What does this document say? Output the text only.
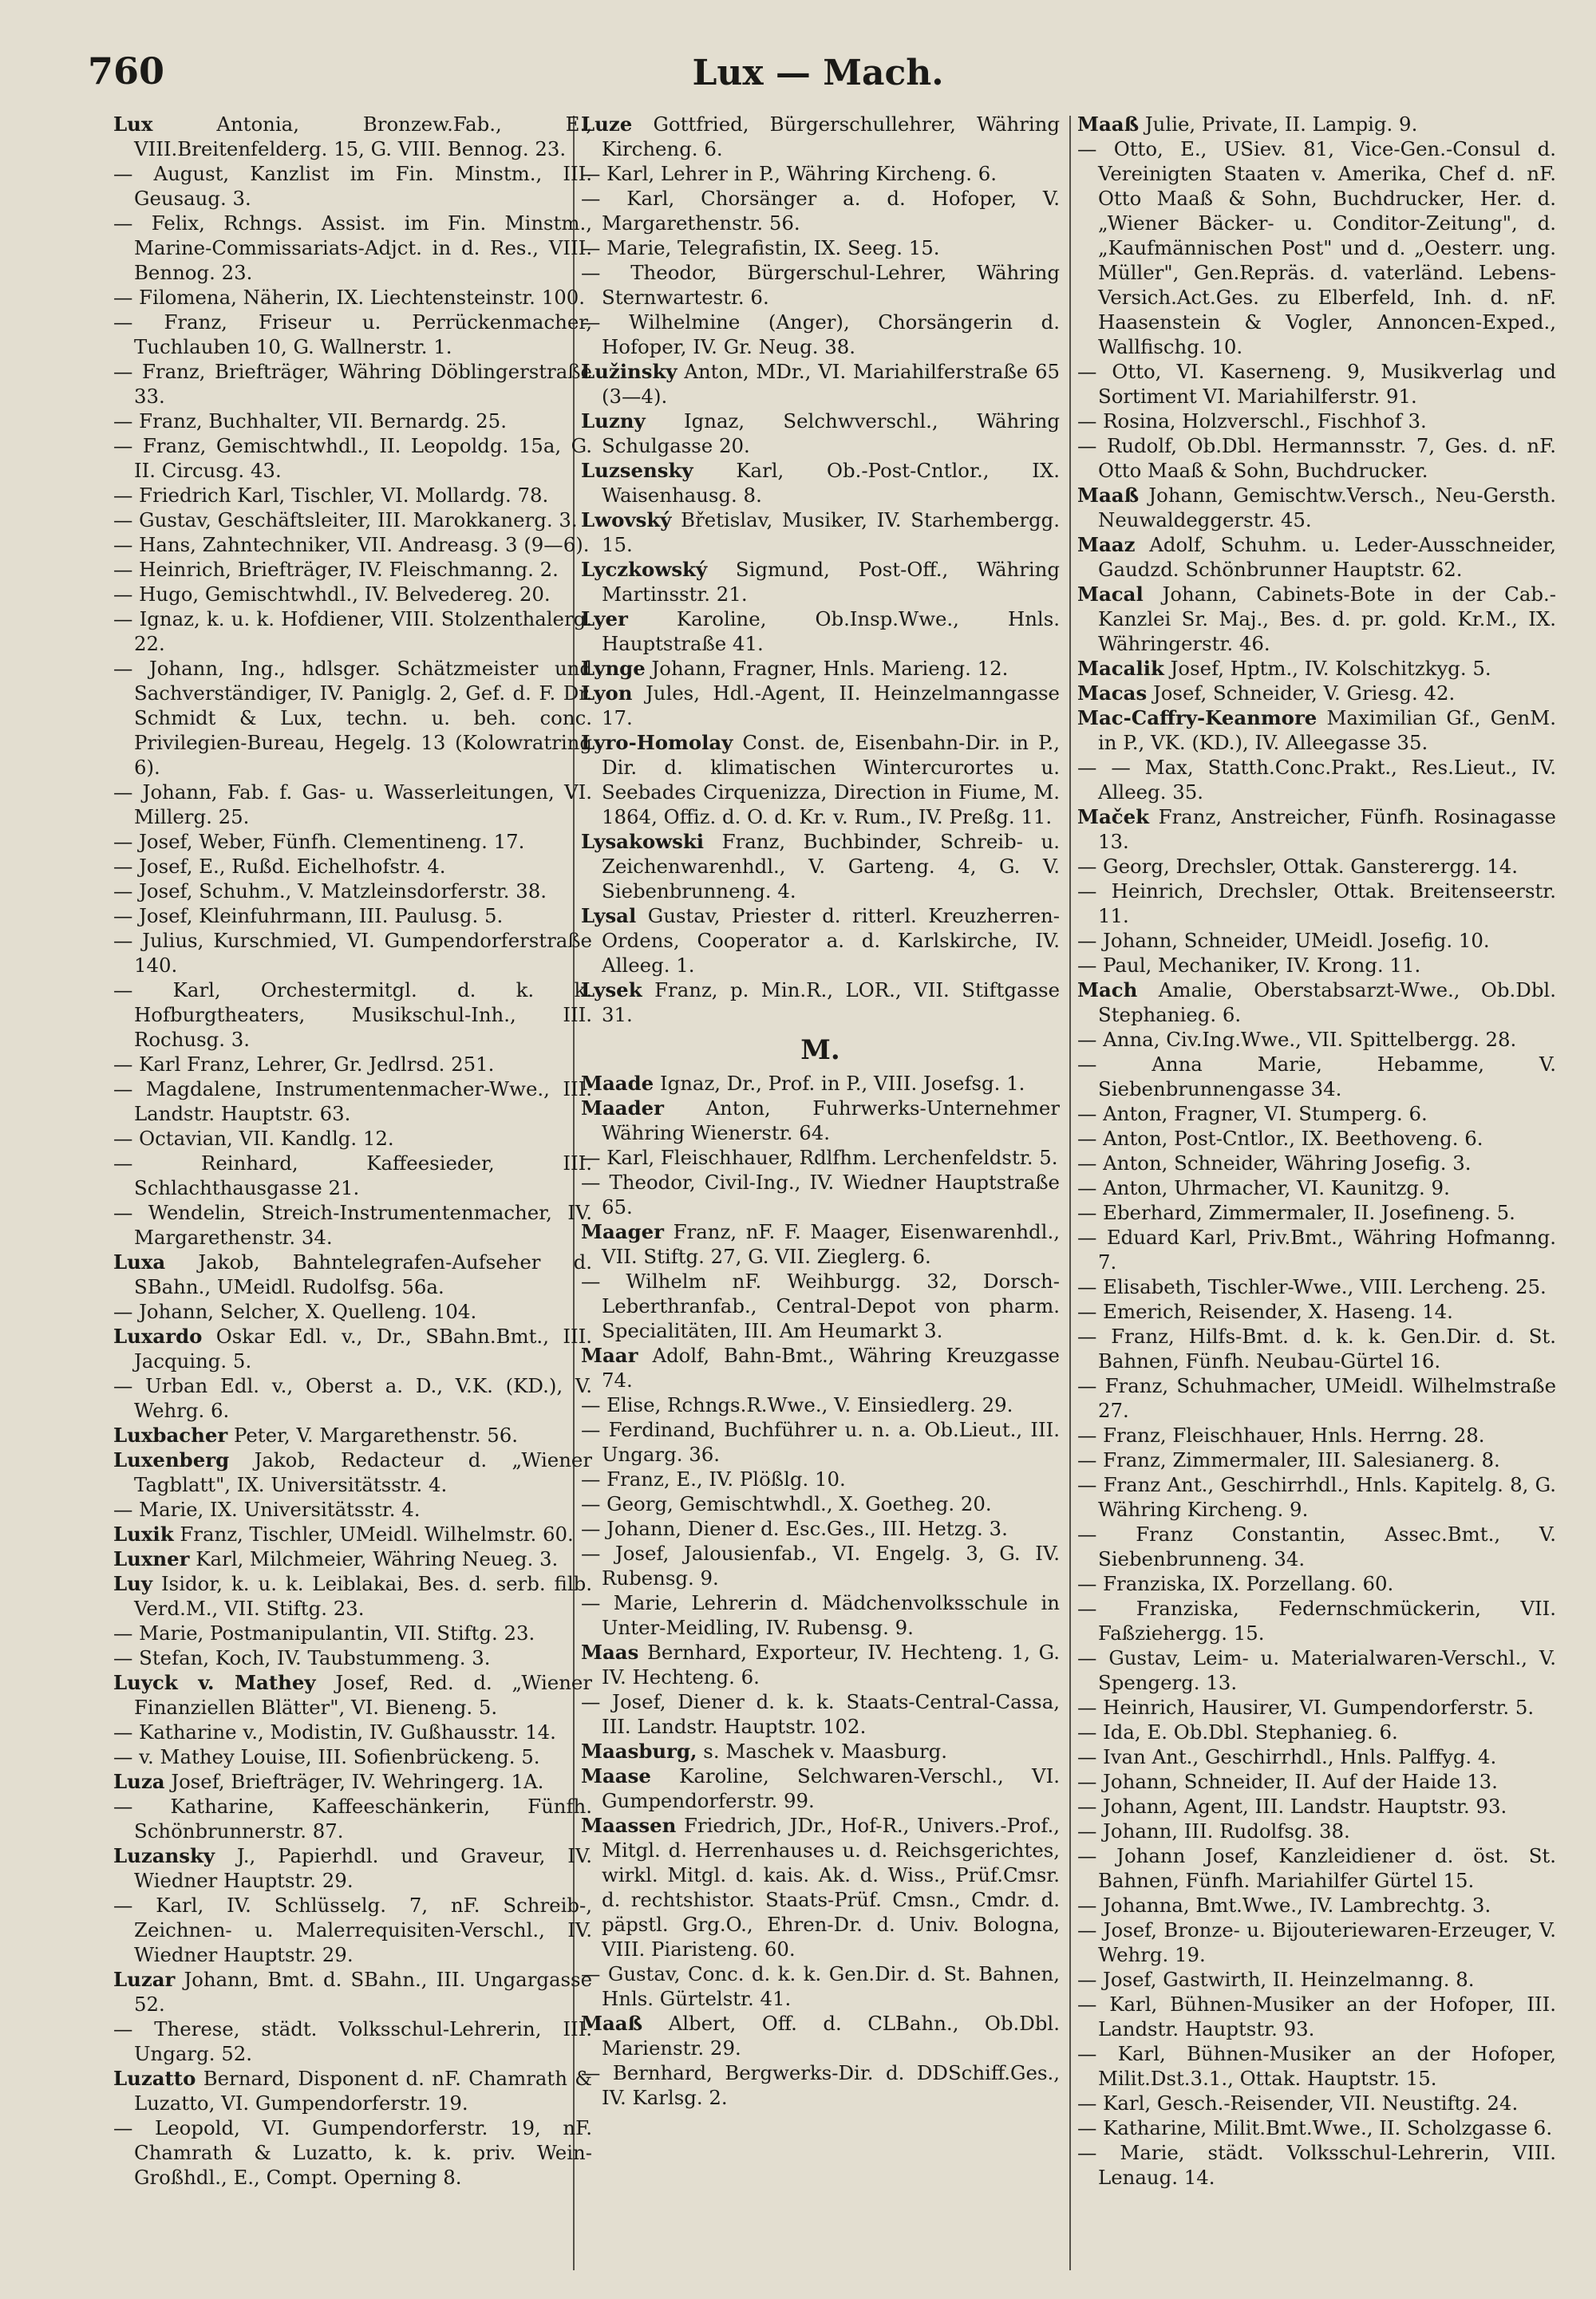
760	Lux — Mach.

Lux	Antonia, Bronzew.Fab., E., VIII.Breitenfelderg. 15, G. VIII. Bennog. 23.

— August, Kanzlist im Fin. Minstm., III. Geusaug. 3.

— Felix, Rchngs. Assist. im Fin. Minstm., Marine-Commissariats-Adjct. in d. Res., VIII. Bennog. 23.

— Filomena, Näherin, IX. Liechtensteinstr. 100.

— Franz, Friseur u. Perrückenmacher, Tuchlauben 10, G. Wallnerstr. 1.

— Franz, Briefträger, Währing Döblingerstraße 33.

— Franz, Buchhalter, VII. Bernardg. 25.

— Franz, Gemischtwhdl., II. Leopoldg. 15a, G. II. Circusg. 43.

— Friedrich Karl, Tischler, VI. Mollardg. 78.

— Gustav, Geschäftsleiter, III. Marokkanerg. 3.

— Hans, Zahntechniker, VII. Andreasg. 3 (9—6).

— Heinrich, Briefträger, IV. Fleischmanng. 2.

— Hugo, Gemischtwhdl., IV. Belvedereg. 20.

— Ignaz, k. u. k. Hofdiener, VIII. Stolzenthalerg. 22.

— Johann, Ing., hdlsger. Schätzmeister und Sachverständiger, IV. Paniglg. 2, Gef. d. F. Dr. Schmidt & Lux, techn. u. beh. conc. Privilegien-Bureau, Hegelg. 13 (Kolowratring 6).

— Johann, Fab. f. Gas- u. Wasserleitungen, VI. Millerg. 25.

— Josef, Weber, Fünfh. Clementineng. 17.

— Josef, E., Rußd. Eichelhofstr. 4.

— Josef, Schuhm., V. Matzleinsdorferstr. 38.

— Josef, Kleinfuhrmann, III. Paulusg. 5.

— Julius, Kurschmied, VI. Gumpendorferstraße 140.

— Karl, Orchestermitgl. d. k. k. Hofburgtheaters, Musikschul-Inh., III. Rochusg. 3.

— Karl Franz, Lehrer, Gr. Jedlrsd. 251.

— Magdalene, Instrumentenmacher-Wwe., III. Landstr. Hauptstr. 63.

— Octavian, VII. Kandlg. 12.

— Reinhard, Kaffeesieder, III. Schlachthausgasse 21.

— Wendelin, Streich-Instrumentenmacher, IV. Margarethenstr. 34.

Luxa Jakob, Bahntelegrafen-Aufseher d. SBahn., UMeidl. Rudolfsg. 56a.

— Johann, Selcher, X. Quelleng. 104.

Luxardo Oskar Edl. v., Dr., SBahn.Bmt., III. Jacquing. 5.

— Urban Edl. v., Oberst a. D., V.K. (KD.), V. Wehrg. 6.

Luxbacher Peter, V. Margarethenstr. 56.

Luxenberg Jakob, Redacteur d. „Wiener Tagblatt", IX. Universitätsstr. 4.

— Marie, IX. Universitätsstr. 4.

Luxik Franz, Tischler, UMeidl. Wilhelmstr. 60.

Luxner Karl, Milchmeier, Währing Neueg. 3.

Luy Isidor, k. u. k. Leiblakai, Bes. d. serb. filb. Verd.M., VII. Stiftg. 23.

— Marie, Postmanipulantin, VII. Stiftg. 23.

— Stefan, Koch, IV. Taubstummeng. 3.

Luyck v. Mathey Josef, Red. d. „Wiener Finanziellen Blätter", VI. Bieneng. 5.

— Katharine v., Modistin, IV. Gußhausstr. 14.

— v. Mathey Louise, III. Sofienbrückeng. 5.

Luza Josef, Briefträger, IV. Wehringerg. 1A.

— Katharine, Kaffeeschänkerin, Fünfh. Schönbrunnerstr. 87.

Luzansky J., Papierhdl. und Graveur, IV. Wiedner Hauptstr. 29.

— Karl, IV. Schlüsselg. 7, nF. Schreib-, Zeichnen- u. Malerrequisiten-Verschl., IV. Wiedner Hauptstr. 29.

Luzar Johann, Bmt. d. SBahn., III. Ungargasse 52.

— Therese, städt. Volksschul-Lehrerin, III. Ungarg. 52.

Luzatto Bernard, Disponent d. nF. Chamrath & Luzatto, VI. Gumpendorferstr. 19.

— Leopold, VI. Gumpendorferstr. 19, nF. Chamrath & Luzatto, k. k. priv. Wein-Großhdl., E., Compt. Operning 8.

Luze Gottfried, Bürgerschullehrer, Währing Kircheng. 6.

— Karl, Lehrer in P., Währing Kircheng. 6.

— Karl, Chorsänger a. d. Hofoper, V. Margarethenstr. 56.

— Marie, Telegrafistin, IX. Seeg. 15.

— Theodor, Bürgerschul-Lehrer, Währing Sternwartestr. 6.

— Wilhelmine (Anger), Chorsängerin d. Hofoper, IV. Gr. Neug. 38.

Lužinsky Anton, MDr., VI. Mariahilferstraße 65 (3—4).

Luzny Ignaz, Selchwverschl., Währing Schulgasse 20.

Luzsensky Karl, Ob.-Post-Cntlor., IX. Waisenhausg. 8.

Lwovský Břetislav, Musiker, IV. Starhembergg. 15.

Lyczkowský Sigmund, Post-Off., Währing Martinsstr. 21.

Lyer	Karoline, Ob.Insp.Wwe., Hnls. Hauptstraße 41.

Lynge Johann, Fragner, Hnls. Marieng. 12.

Lyon Jules, Hdl.-Agent, II. Heinzelmanngasse 17.

Lyro-Homolay Const. de, Eisenbahn-Dir. in P., Dir. d. klimatischen Wintercurortes u. Seebades Cirquenizza, Direction in Fiume, M. 1864, Offiz. d. O. d. Kr. v. Rum., IV. Preßg. 11.

Lysakowski Franz, Buchbinder, Schreib- u. Zeichenwarenhdl., V. Garteng. 4, G. V. Siebenbrunneng. 4.

Lysal Gustav, Priester d. ritterl. Kreuzherren-Ordens, Cooperator a. d. Karlskirche, IV. Alleeg. 1.

Lysek Franz, p. Min.R., LOR., VII. Stiftgasse 31.

M.

Maade Ignaz, Dr., Prof. in P., VIII. Josefsg. 1.

Maader Anton, Fuhrwerks-Unternehmer Währing Wienerstr. 64.

— Karl, Fleischhauer, Rdlfhm. Lerchenfeldstr. 5.

— Theodor, Civil-Ing., IV. Wiedner Hauptstraße 65.

Maager Franz, nF. F. Maager, Eisenwarenhdl., VII. Stiftg. 27, G. VII. Zieglerg. 6.

— Wilhelm nF. Weihburgg. 32, Dorsch-Leberthranfab., Central-Depot von pharm. Specialitäten, III. Am Heumarkt 3.

Maar Adolf, Bahn-Bmt., Währing Kreuzgasse 74.

— Elise, Rchngs.R.Wwe., V. Einsiedlerg. 29.

— Ferdinand, Buchführer u. n. a. Ob.Lieut., III. Ungarg. 36.

— Franz, E., IV. Plößlg. 10.

— Georg, Gemischtwhdl., X. Goetheg. 20.

— Johann, Diener d. Esc.Ges., III. Hetzg. 3.

— Josef, Jalousienfab., VI. Engelg. 3, G. IV. Rubensg. 9.

— Marie, Lehrerin d. Mädchenvolksschule in Unter-Meidling, IV. Rubensg. 9.

Maas Bernhard, Exporteur, IV. Hechteng. 1, G. IV. Hechteng. 6.

— Josef, Diener d. k. k. Staats-Central-Cassa, III. Landstr. Hauptstr. 102.

Maasburg, s. Maschek v. Maasburg.

Maase Karoline, Selchwaren-Verschl., VI. Gumpendorferstr. 99.

Maassen Friedrich, JDr., Hof-R., Univers.-Prof., Mitgl. d. Herrenhauses u. d. Reichsgerichtes, wirkl. Mitgl. d. kais. Ak. d. Wiss., Prüf.Cmsr. d. rechtshistor. Staats-Prüf. Cmsn., Cmdr. d. päpstl. Grg.O., Ehren-Dr. d. Univ. Bologna, VIII. Piaristeng. 60.

— Gustav, Conc. d. k. k. Gen.Dir. d. St. Bahnen, Hnls. Gürtelstr. 41.

Maaß Albert, Off. d. CLBahn., Ob.Dbl. Marienstr. 29.

— Bernhard, Bergwerks-Dir. d. DDSchiff.Ges., IV. Karlsg. 2.

Maaß Julie, Private, II. Lampig. 9.

— Otto, E., USiev. 81, Vice-Gen.-Consul d. Vereinigten Staaten v. Amerika, Chef d. nF. Otto Maaß & Sohn, Buchdrucker, Her. d. „Wiener Bäcker- u. Conditor-Zeitung", d. „Kaufmännischen Post" und d. „Oesterr. ung. Müller", Gen.Repräs. d. vaterländ. Lebens-Versich.Act.Ges. zu Elberfeld, Inh. d. nF. Haasenstein & Vogler, Annoncen-Exped., Wallfischg. 10.

— Otto, VI. Kaserneng. 9, Musikverlag und Sortiment VI. Mariahilferstr. 91.

— Rosina, Holzverschl., Fischhof 3.

— Rudolf, Ob.Dbl. Hermannsstr. 7, Ges. d. nF. Otto Maaß & Sohn, Buchdrucker.

Maaß Johann, Gemischtw.Versch., Neu-Gersth. Neuwaldeggerstr. 45.

Maaz Adolf, Schuhm. u. Leder-Ausschneider, Gaudzd. Schönbrunner Hauptstr. 62.

Macal Johann, Cabinets-Bote in der Cab.-Kanzlei Sr. Maj., Bes. d. pr. gold. Kr.M., IX. Währingerstr. 46.

Macalik Josef, Hptm., IV. Kolschitzkyg. 5.

Macas Josef, Schneider, V. Griesg. 42.

Mac-Caffry-Keanmore Maximilian Gf., GenM. in P., VK. (KD.), IV. Alleegasse 35.

— — Max, Statth.Conc.Prakt., Res.Lieut., IV. Alleeg. 35.

Maček Franz, Anstreicher, Fünfh. Rosinagasse 13.

— Georg, Drechsler, Ottak. Gansterergg. 14.

— Heinrich, Drechsler, Ottak. Breitenseerstr. 11.

— Johann, Schneider, UMeidl. Josefig. 10.

— Paul, Mechaniker, IV. Krong. 11.

Mach Amalie, Oberstabsarzt-Wwe., Ob.Dbl. Stephanieg. 6.

— Anna, Civ.Ing.Wwe., VII. Spittelbergg. 28.

— Anna Marie, Hebamme, V. Siebenbrunnengasse 34.

— Anton, Fragner, VI. Stumperg. 6.

— Anton, Post-Cntlor., IX. Beethoveng. 6.

— Anton, Schneider, Währing Josefig. 3.

— Anton, Uhrmacher, VI. Kaunitzg. 9.

— Eberhard, Zimmermaler, II. Josefineng. 5.

— Eduard Karl, Priv.Bmt., Währing Hofmanng. 7.

— Elisabeth, Tischler-Wwe., VIII. Lercheng. 25.

— Emerich, Reisender, X. Haseng. 14.

— Franz, Hilfs-Bmt. d. k. k. Gen.Dir. d. St. Bahnen, Fünfh. Neubau-Gürtel 16.

— Franz, Schuhmacher, UMeidl. Wilhelmstraße 27.

— Franz, Fleischhauer, Hnls. Herrng. 28.

— Franz, Zimmermaler, III. Salesianerg. 8.

— Franz Ant., Geschirrhdl., Hnls. Kapitelg. 8, G. Währing Kircheng. 9.

— Franz Constantin, Assec.Bmt., V. Siebenbrunneng. 34.

— Franziska, IX. Porzellang. 60.

— Franziska, Federnschmückerin, VII. Faßziehergg. 15.

— Gustav, Leim- u. Materialwaren-Verschl., V. Spengerg. 13.

— Heinrich, Hausirer, VI. Gumpendorferstr. 5.

— Ida, E. Ob.Dbl. Stephanieg. 6.

— Ivan Ant., Geschirrhdl., Hnls. Palffyg. 4.

— Johann, Schneider, II. Auf der Haide 13.

— Johann, Agent, III. Landstr. Hauptstr. 93.

— Johann, III. Rudolfsg. 38.

— Johann Josef, Kanzleidiener d. öst. St. Bahnen, Fünfh. Mariahilfer Gürtel 15.

— Johanna, Bmt.Wwe., IV. Lambrechtg. 3.

— Josef, Bronze- u. Bijouteriewaren-Erzeuger, V. Wehrg. 19.

— Josef, Gastwirth, II. Heinzelmanng. 8.

— Karl, Bühnen-Musiker an der Hofoper, III. Landstr. Hauptstr. 93.

— Karl, Bühnen-Musiker an der Hofoper, Milit.Dst.3.1., Ottak. Hauptstr. 15.

— Karl, Gesch.-Reisender, VII. Neustiftg. 24.

— Katharine, Milit.Bmt.Wwe., II. Scholzgasse 6.

— Marie, städt. Volksschul-Lehrerin, VIII. Lenaug. 14.
